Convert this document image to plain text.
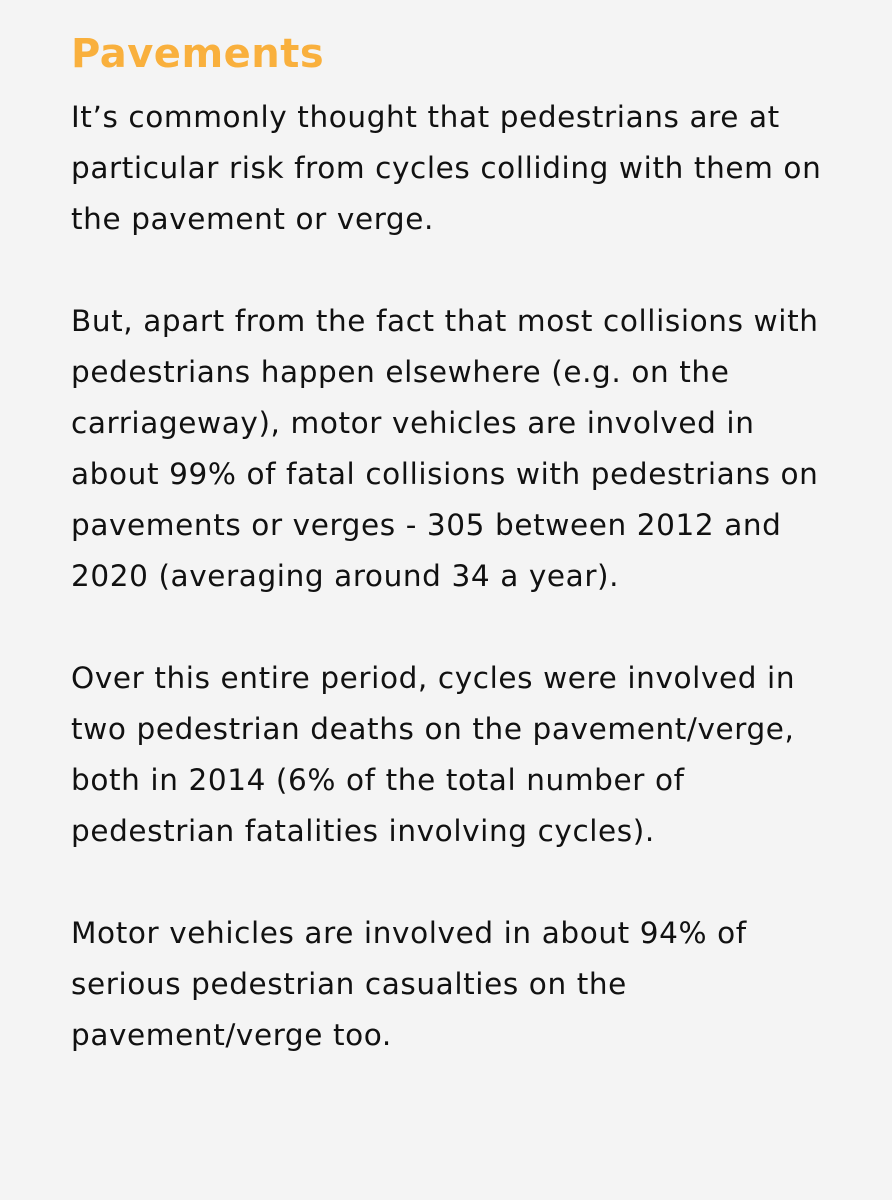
Pavements

It’s commonly thought that pedestrians are at particular risk from cycles colliding with them on the pavement or verge.

But, apart from the fact that most collisions with pedestrians happen elsewhere (e.g. on the carriageway), motor vehicles are involved in about 99% of fatal collisions with pedestrians on pavements or verges - 305 between 2012 and 2020 (averaging around 34 a year).

Over this entire period, cycles were involved in two pedestrian deaths on the pavement/verge, both in 2014 (6% of the total number of pedestrian fatalities involving cycles).

Motor vehicles are involved in about 94% of serious pedestrian casualties on the pavement/verge too.
